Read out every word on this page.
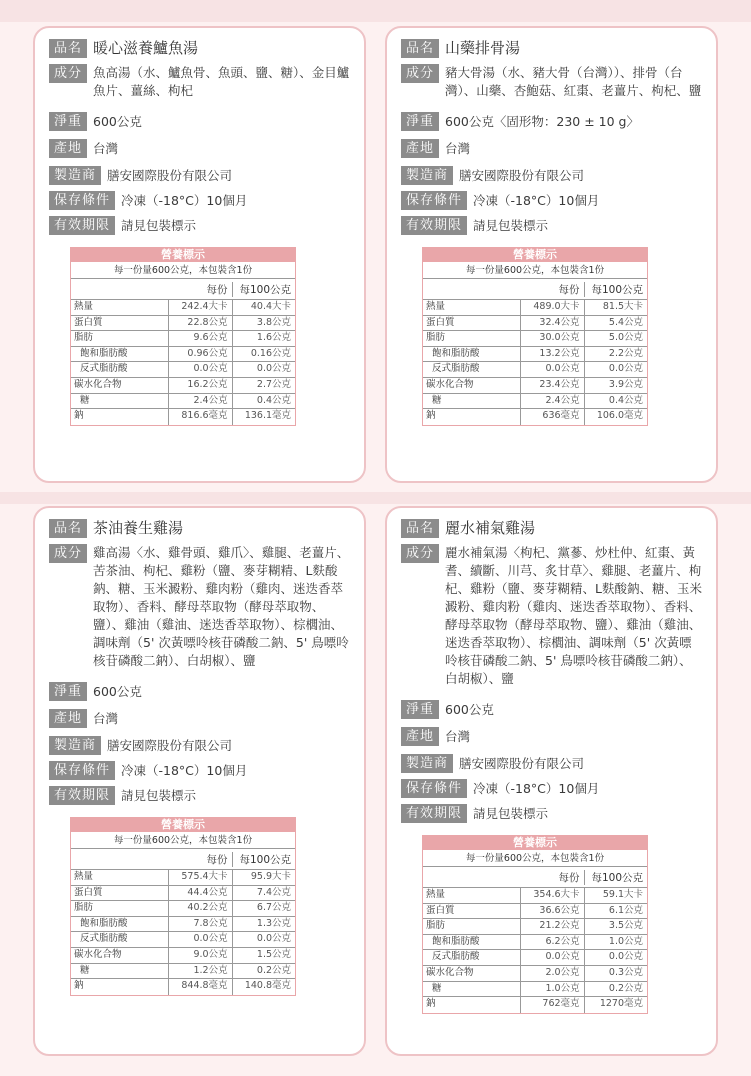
品名 暖心滋養鱸魚湯
成分 魚高湯（水、鱸魚骨、魚頭、鹽、糖）、金目鱸魚片、薑絲、枸杞
淨重 600公克
產地 台灣
製造商 膳安國際股份有限公司
保存條件 冷凍（-18°C）10個月
有效期限 請見包裝標示
營養標示
每一份量600公克，本包裝含1份
每份	每100公克
熱量	242.4大卡	40.4大卡
蛋白質	22.8公克	3.8公克
脂肪	9.6公克	1.6公克
飽和脂肪酸	0.96公克	0.16公克
反式脂肪酸	0.0公克	0.0公克
碳水化合物	16.2公克	2.7公克
糖	2.4公克	0.4公克
鈉	816.6毫克	136.1毫克
品名 山藥排骨湯
成分 豬大骨湯（水、豬大骨（台灣））、排骨（台灣）、山藥、杏鮑菇、紅棗、老薑片、枸杞、鹽
淨重 600公克〈固形物：230 ± 10 g〉
產地 台灣
製造商 膳安國際股份有限公司
保存條件 冷凍（-18°C）10個月
有效期限 請見包裝標示
營養標示
每一份量600公克，本包裝含1份
每份	每100公克
熱量	489.0大卡	81.5大卡
蛋白質	32.4公克	5.4公克
脂肪	30.0公克	5.0公克
飽和脂肪酸	13.2公克	2.2公克
反式脂肪酸	0.0公克	0.0公克
碳水化合物	23.4公克	3.9公克
糖	2.4公克	0.4公克
鈉	636毫克	106.0毫克
品名 茶油養生雞湯
成分 雞高湯〈水、雞骨頭、雞爪〉、雞腿、老薑片、苦茶油、枸杞、雞粉（鹽、麥芽糊精、L麩酸鈉、糖、玉米澱粉、雞肉粉（雞肉、迷迭香萃取物）、香料、酵母萃取物（酵母萃取物、鹽）、雞油（雞油、迷迭香萃取物）、棕櫚油、調味劑（5' 次黃嘌呤核苷磷酸二鈉、5' 鳥嘌呤核苷磷酸二鈉）、白胡椒）、鹽
淨重 600公克
產地 台灣
製造商 膳安國際股份有限公司
保存條件 冷凍（-18°C）10個月
有效期限 請見包裝標示
營養標示
每一份量600公克，本包裝含1份
每份	每100公克
熱量	575.4大卡	95.9大卡
蛋白質	44.4公克	7.4公克
脂肪	40.2公克	6.7公克
飽和脂肪酸	7.8公克	1.3公克
反式脂肪酸	0.0公克	0.0公克
碳水化合物	9.0公克	1.5公克
糖	1.2公克	0.2公克
鈉	844.8毫克	140.8毫克
品名 麗水補氣雞湯
成分 麗水補氣湯〈枸杞、黨蔘、炒杜仲、紅棗、黃耆、續斷、川芎、炙甘草〉、雞腿、老薑片、枸杞、雞粉（鹽、麥芽糊精、L麩酸鈉、糖、玉米澱粉、雞肉粉（雞肉、迷迭香萃取物）、香料、酵母萃取物（酵母萃取物、鹽）、雞油（雞油、迷迭香萃取物）、棕櫚油、調味劑（5' 次黃嘌呤核苷磷酸二鈉、5' 鳥嘌呤核苷磷酸二鈉）、白胡椒）、鹽
淨重 600公克
產地 台灣
製造商 膳安國際股份有限公司
保存條件 冷凍（-18°C）10個月
有效期限 請見包裝標示
營養標示
每一份量600公克，本包裝含1份
每份	每100公克
熱量	354.6大卡	59.1大卡
蛋白質	36.6公克	6.1公克
脂肪	21.2公克	3.5公克
飽和脂肪酸	6.2公克	1.0公克
反式脂肪酸	0.0公克	0.0公克
碳水化合物	2.0公克	0.3公克
糖	1.0公克	0.2公克
鈉	762毫克	1270毫克
